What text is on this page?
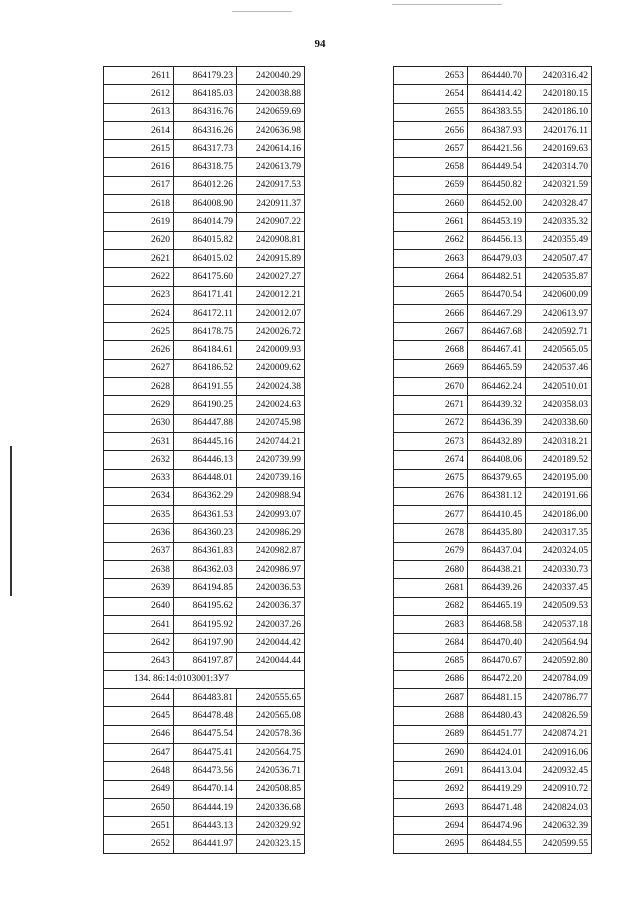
94
2611	864179.23	2420040.29
2612	864185.03	2420038.88
2613	864316.76	2420659.69
2614	864316.26	2420636.98
2615	864317.73	2420614.16
2616	864318.75	2420613.79
2617	864012.26	2420917.53
2618	864008.90	2420911.37
2619	864014.79	2420907.22
2620	864015.82	2420908.81
2621	864015.02	2420915.89
2622	864175.60	2420027.27
2623	864171.41	2420012.21
2624	864172.11	2420012.07
2625	864178.75	2420026.72
2626	864184.61	2420009.93
2627	864186.52	2420009.62
2628	864191.55	2420024.38
2629	864190.25	2420024.63
2630	864447.88	2420745.98
2631	864445.16	2420744.21
2632	864446.13	2420739.99
2633	864448.01	2420739.16
2634	864362.29	2420988.94
2635	864361.53	2420993.07
2636	864360.23	2420986.29
2637	864361.83	2420982.87
2638	864362.03	2420986.97
2639	864194.85	2420036.53
2640	864195.62	2420036.37
2641	864195.92	2420037.26
2642	864197.90	2420044.42
2643	864197.87	2420044.44
134. 86:14:0103001:ЗУ7		
2644	864483.81	2420555.65
2645	864478.48	2420565.08
2646	864475.54	2420578.36
2647	864475.41	2420564.75
2648	864473.56	2420536.71
2649	864470.14	2420508.85
2650	864444.19	2420336.68
2651	864443.13	2420329.92
2652	864441.97	2420323.15
2653	864440.70	2420316.42
2654	864414.42	2420180.15
2655	864383.55	2420186.10
2656	864387.93	2420176.11
2657	864421.56	2420169.63
2658	864449.54	2420314.70
2659	864450.82	2420321.59
2660	864452.00	2420328.47
2661	864453.19	2420335.32
2662	864456.13	2420355.49
2663	864479.03	2420507.47
2664	864482.51	2420535.87
2665	864470.54	2420600.09
2666	864467.29	2420613.97
2667	864467.68	2420592.71
2668	864467.41	2420565.05
2669	864465.59	2420537.46
2670	864462.24	2420510.01
2671	864439.32	2420358.03
2672	864436.39	2420338.60
2673	864432.89	2420318.21
2674	864408.06	2420189.52
2675	864379.65	2420195.00
2676	864381.12	2420191.66
2677	864410.45	2420186.00
2678	864435.80	2420317.35
2679	864437.04	2420324.05
2680	864438.21	2420330.73
2681	864439.26	2420337.45
2682	864465.19	2420509.53
2683	864468.58	2420537.18
2684	864470.40	2420564.94
2685	864470.67	2420592.80
2686	864472.20	2420784.09
2687	864481.15	2420786.77
2688	864480.43	2420826.59
2689	864451.77	2420874.21
2690	864424.01	2420916.06
2691	864413.04	2420932.45
2692	864419.29	2420910.72
2693	864471.48	2420824.03
2694	864474.96	2420632.39
2695	864484.55	2420599.55
